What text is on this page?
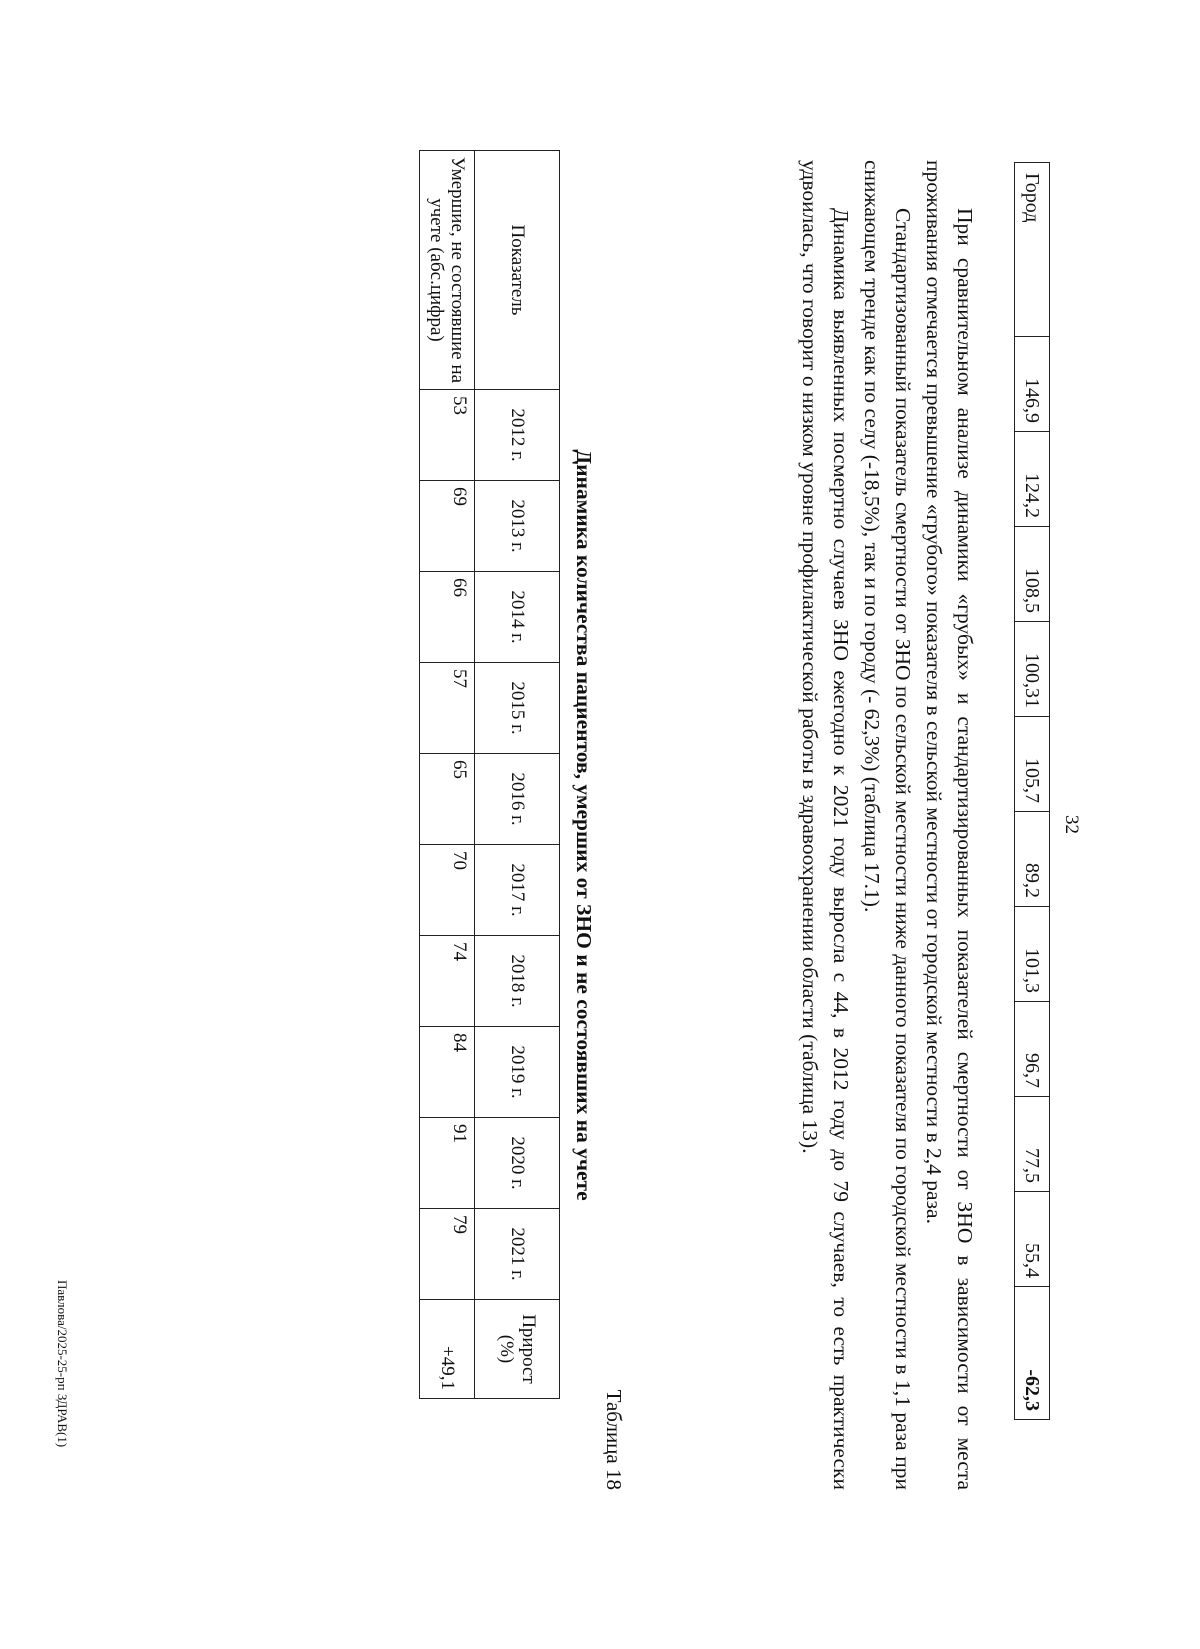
32
Город	146,9	124,2	108,5	100,31	105,7	89,2	101,3	96,7	77,5	55,4	-62,3

При сравнительном анализе динамики «грубых» и стандартизированных показателей смертности от ЗНО в зависимости от места проживания отмечается превышение «грубого» показателя в сельской местности от городской местности в 2,4 раза.

Стандартизованный показатель смертности от ЗНО по сельской местности ниже данного показателя по городской местности в 1,1 раза при снижающем тренде как по селу (-18,5%), так и по городу (- 62,3%) (таблица 17.1).

Динамика выявленных посмертно случаев ЗНО ежегодно к 2021 году выросла с 44, в 2012 году до 79 случаев, то есть практически удвоилась, что говорит о низком уровне профилактической работы в здравоохранении области (таблица 13).

Таблица 18
Динамика количества пациентов, умерших от ЗНО и не состоявших на учете
Показатель	2012 г.	2013 г.	2014 г.	2015 г.	2016 г.	2017 г.	2018 г.	2019 г.	2020 г.	2021 г.	Прирост (%)
Умершие, не состоявшие на учете (абс.цифра)	53	69	66	57	65	70	74	84	91	79	+49,1
Павлова/2025-25-рп ЗДРАВ(1)
